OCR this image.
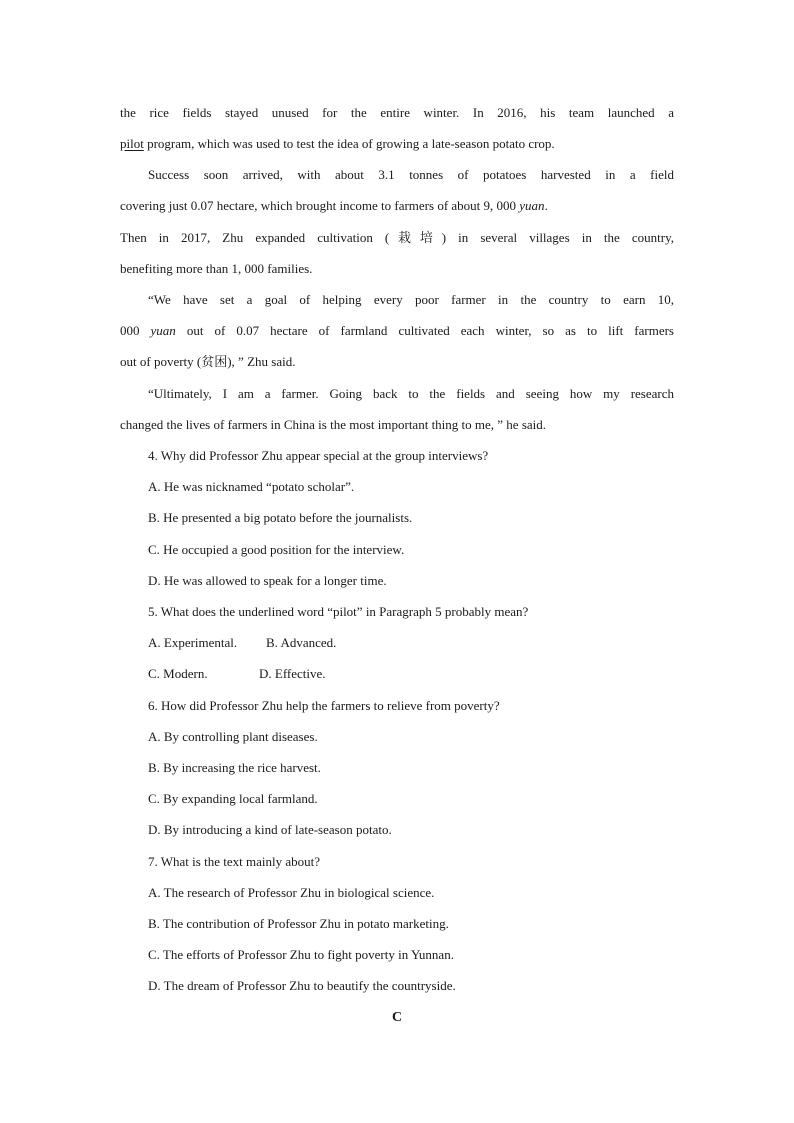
the rice fields stayed unused for the entire winter. In 2016, his team launched a
pilot program, which was used to test the idea of growing a late-season potato crop.
Success soon arrived, with about 3.1 tonnes of potatoes harvested in a field
covering just 0.07 hectare, which brought income to farmers of about 9, 000 yuan.
Then in 2017, Zhu expanded cultivation (栽培) in several villages in the country,
benefiting more than 1, 000 families.
“We have set a goal of helping every poor farmer in the country to earn 10,
000 yuan out of 0.07 hectare of farmland cultivated each winter, so as to lift farmers
out of poverty (贫困), ” Zhu said.
“Ultimately, I am a farmer. Going back to the fields and seeing how my research
changed the lives of farmers in China is the most important thing to me, ” he said.
4. Why did Professor Zhu appear special at the group interviews?
A. He was nicknamed “potato scholar”.
B. He presented a big potato before the journalists.
C. He occupied a good position for the interview.
D. He was allowed to speak for a longer time.
5. What does the underlined word “pilot” in Paragraph 5 probably mean?
A. Experimental. B. Advanced.
C. Modern.	D. Effective.
6. How did Professor Zhu help the farmers to relieve from poverty?
A. By controlling plant diseases.
B. By increasing the rice harvest.
C. By expanding local farmland.
D. By introducing a kind of late-season potato.
7. What is the text mainly about?
A. The research of Professor Zhu in biological science.
B. The contribution of Professor Zhu in potato marketing.
C. The efforts of Professor Zhu to fight poverty in Yunnan.
D. The dream of Professor Zhu to beautify the countryside.
C
